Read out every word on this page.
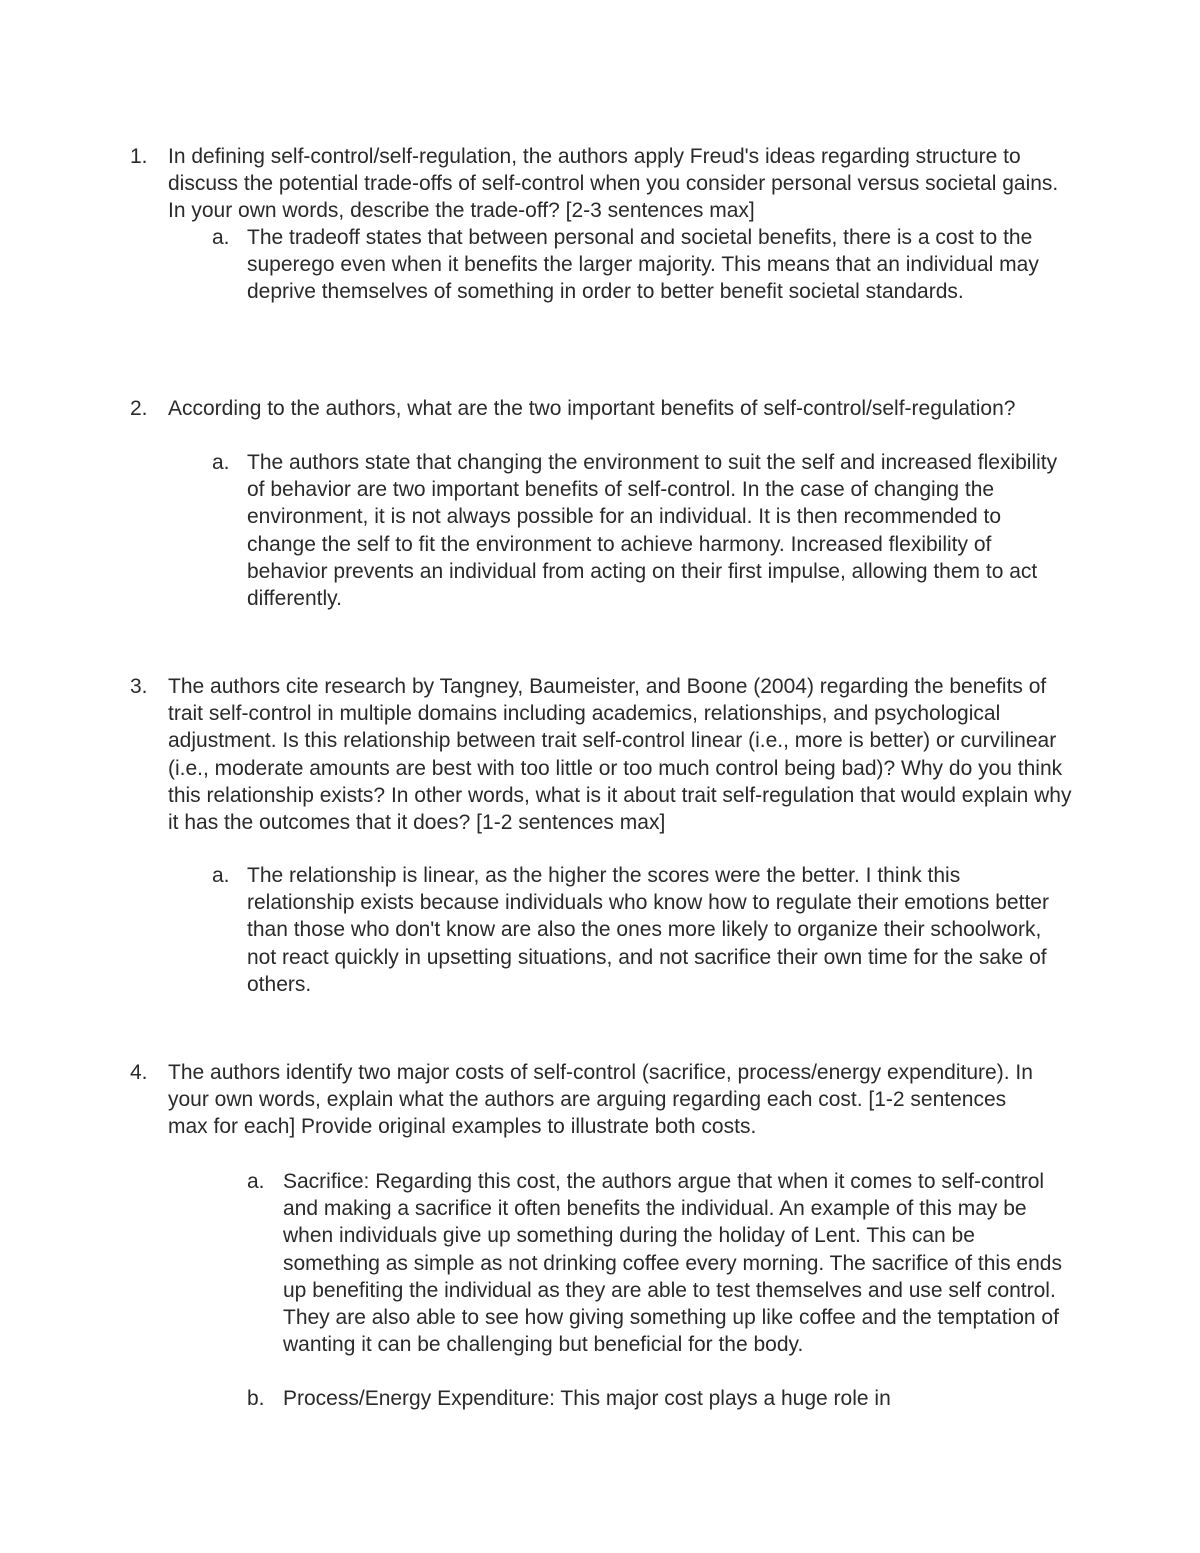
1. In defining self-control/self-regulation, the authors apply Freud's ideas regarding structure to discuss the potential trade-offs of self-control when you consider personal versus societal gains. In your own words, describe the trade-off? [2-3 sentences max]

a. The tradeoff states that between personal and societal benefits, there is a cost to the superego even when it benefits the larger majority. This means that an individual may deprive themselves of something in order to better benefit societal standards.

2. According to the authors, what are the two important benefits of self-control/self-regulation?

a. The authors state that changing the environment to suit the self and increased flexibility of behavior are two important benefits of self-control. In the case of changing the environment, it is not always possible for an individual. It is then recommended to change the self to fit the environment to achieve harmony. Increased flexibility of behavior prevents an individual from acting on their first impulse, allowing them to act differently.

3. The authors cite research by Tangney, Baumeister, and Boone (2004) regarding the benefits of trait self-control in multiple domains including academics, relationships, and psychological adjustment. Is this relationship between trait self-control linear (i.e., more is better) or curvilinear (i.e., moderate amounts are best with too little or too much control being bad)? Why do you think this relationship exists? In other words, what is it about trait self-regulation that would explain why it has the outcomes that it does? [1-2 sentences max]

a. The relationship is linear, as the higher the scores were the better. I think this relationship exists because individuals who know how to regulate their emotions better than those who don't know are also the ones more likely to organize their schoolwork, not react quickly in upsetting situations, and not sacrifice their own time for the sake of others.

4. The authors identify two major costs of self-control (sacrifice, process/energy expenditure). In your own words, explain what the authors are arguing regarding each cost. [1-2 sentences max for each] Provide original examples to illustrate both costs.

a. Sacrifice: Regarding this cost, the authors argue that when it comes to self-control and making a sacrifice it often benefits the individual. An example of this may be when individuals give up something during the holiday of Lent. This can be something as simple as not drinking coffee every morning. The sacrifice of this ends up benefiting the individual as they are able to test themselves and use self control. They are also able to see how giving something up like coffee and the temptation of wanting it can be challenging but beneficial for the body.

b. Process/Energy Expenditure: This major cost plays a huge role in
